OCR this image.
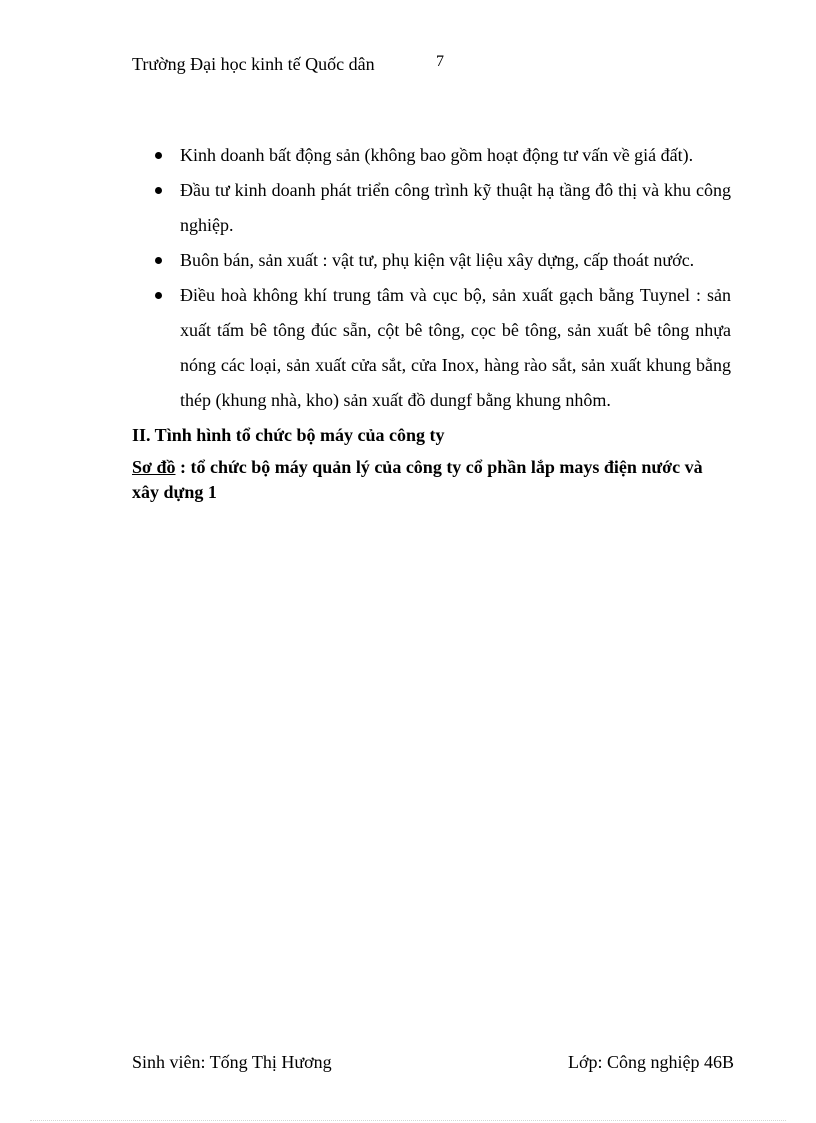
Trường Đại học kinh tế Quốc dân	7
Kinh doanh bất động sản (không bao gồm hoạt động tư vấn về giá đất).
Đầu tư kinh doanh phát triển công trình kỹ thuật hạ tầng đô thị và khu công nghiệp.
Buôn bán, sản xuất : vật tư, phụ kiện vật liệu xây dựng, cấp thoát nước.
Điều hoà không khí trung tâm và cục bộ, sản xuất gạch bằng Tuynel : sản xuất tấm bê tông đúc sẵn, cột bê tông, cọc bê tông, sản xuất bê tông nhựa nóng các loại, sản xuất cửa sắt, cửa Inox, hàng rào sắt, sản xuất khung bằng thép (khung nhà, kho) sản xuất đồ dungf bằng khung nhôm.
II. Tình hình tổ chức bộ máy của công ty
Sơ đồ : tổ chức bộ máy quản lý của công ty cổ phần lắp mays điện nước và xây dựng 1
Sinh viên: Tống Thị Hương	Lớp: Công nghiệp 46B
